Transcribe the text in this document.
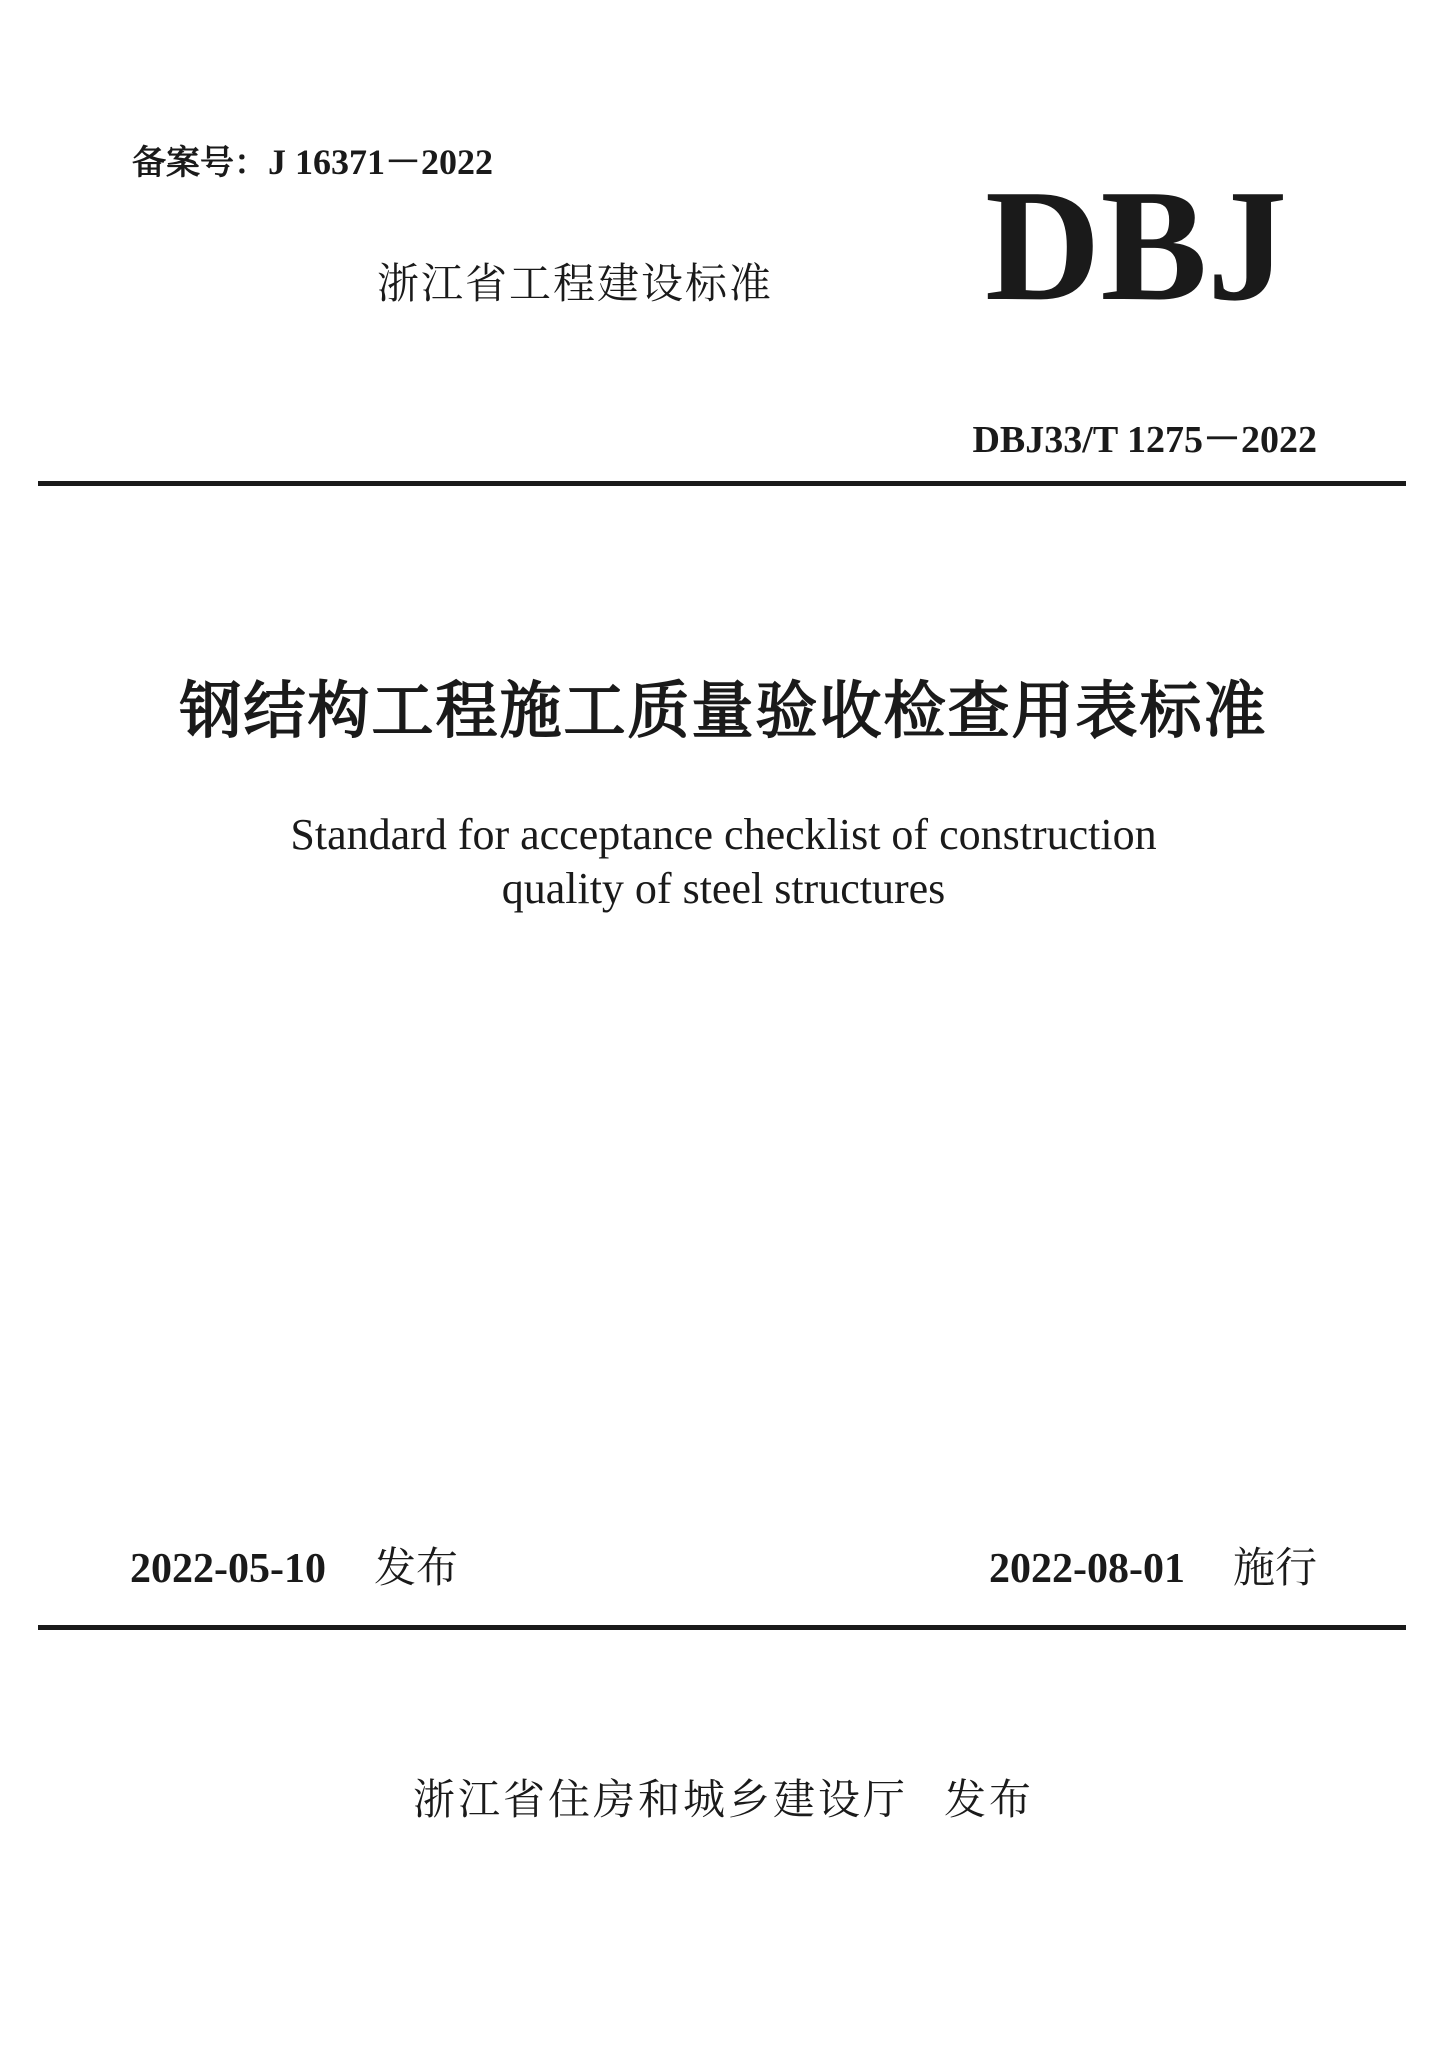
备案号：J 16371－2022
浙江省工程建设标准 DBJ
DBJ33/T 1275－2022
钢结构工程施工质量验收检查用表标准
Standard for acceptance checklist of construction
quality of steel structures
2022-05-10 发布	2022-08-01 施行
浙江省住房和城乡建设厅 发布
